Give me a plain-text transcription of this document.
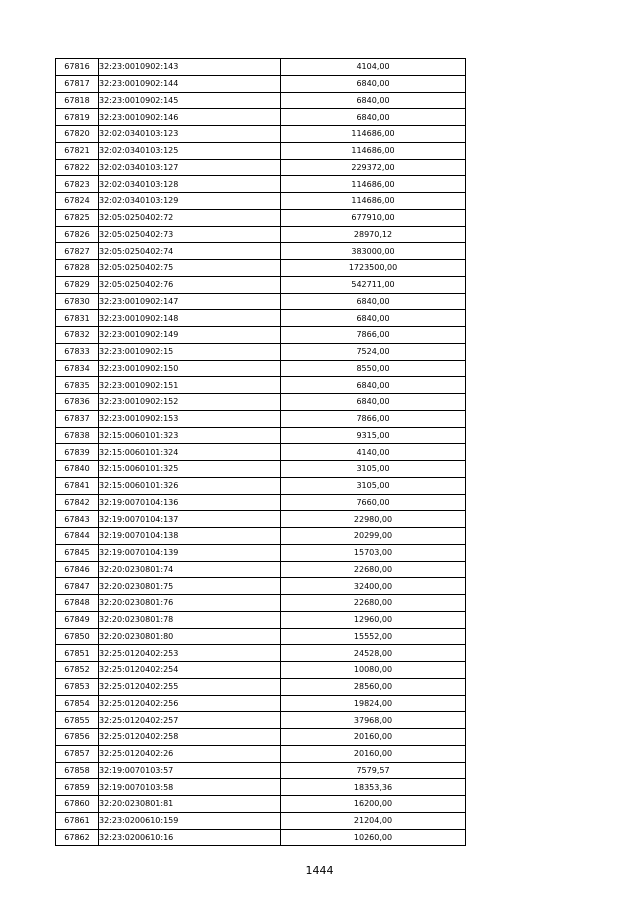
67816	32:23:0010902:143	4104,00
67817	32:23:0010902:144	6840,00
67818	32:23:0010902:145	6840,00
67819	32:23:0010902:146	6840,00
67820	32:02:0340103:123	114686,00
67821	32:02:0340103:125	114686,00
67822	32:02:0340103:127	229372,00
67823	32:02:0340103:128	114686,00
67824	32:02:0340103:129	114686,00
67825	32:05:0250402:72	677910,00
67826	32:05:0250402:73	28970,12
67827	32:05:0250402:74	383000,00
67828	32:05:0250402:75	1723500,00
67829	32:05:0250402:76	542711,00
67830	32:23:0010902:147	6840,00
67831	32:23:0010902:148	6840,00
67832	32:23:0010902:149	7866,00
67833	32:23:0010902:15	7524,00
67834	32:23:0010902:150	8550,00
67835	32:23:0010902:151	6840,00
67836	32:23:0010902:152	6840,00
67837	32:23:0010902:153	7866,00
67838	32:15:0060101:323	9315,00
67839	32:15:0060101:324	4140,00
67840	32:15:0060101:325	3105,00
67841	32:15:0060101:326	3105,00
67842	32:19:0070104:136	7660,00
67843	32:19:0070104:137	22980,00
67844	32:19:0070104:138	20299,00
67845	32:19:0070104:139	15703,00
67846	32:20:0230801:74	22680,00
67847	32:20:0230801:75	32400,00
67848	32:20:0230801:76	22680,00
67849	32:20:0230801:78	12960,00
67850	32:20:0230801:80	15552,00
67851	32:25:0120402:253	24528,00
67852	32:25:0120402:254	10080,00
67853	32:25:0120402:255	28560,00
67854	32:25:0120402:256	19824,00
67855	32:25:0120402:257	37968,00
67856	32:25:0120402:258	20160,00
67857	32:25:0120402:26	20160,00
67858	32:19:0070103:57	7579,57
67859	32:19:0070103:58	18353,36
67860	32:20:0230801:81	16200,00
67861	32:23:0200610:159	21204,00
67862	32:23:0200610:16	10260,00
1444
